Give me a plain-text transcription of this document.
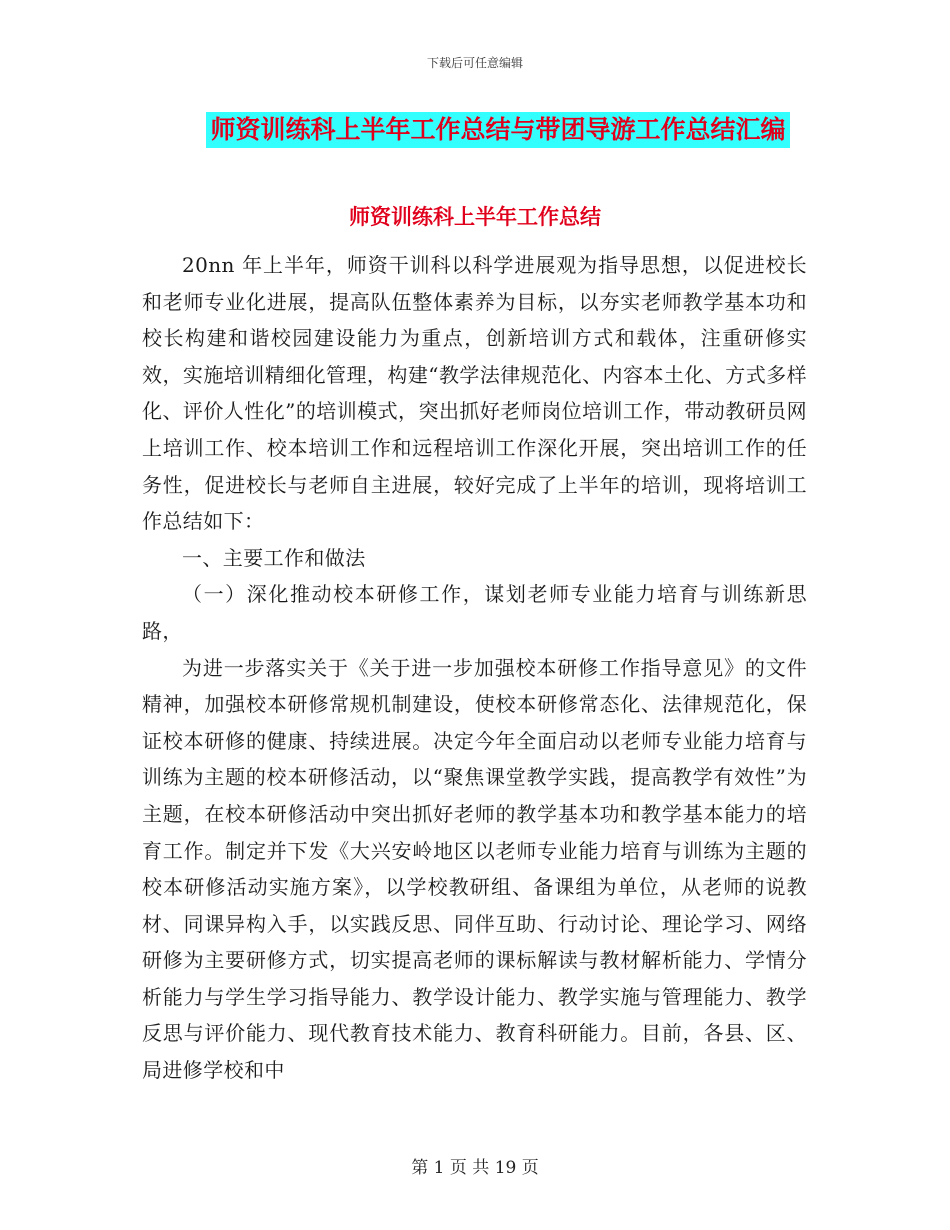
下载后可任意编辑
师资训练科上半年工作总结与带团导游工作总结汇编
师资训练科上半年工作总结

20nn 年上半年，师资干训科以科学进展观为指导思想，以促进校长和老师专业化进展，提高队伍整体素养为目标，以夯实老师教学基本功和校长构建和谐校园建设能力为重点，创新培训方式和载体，注重研修实效，实施培训精细化管理，构建“教学法律规范化、内容本土化、方式多样化、评价人性化”的培训模式，突出抓好老师岗位培训工作，带动教研员网上培训工作、校本培训工作和远程培训工作深化开展，突出培训工作的任务性，促进校长与老师自主进展，较好完成了上半年的培训，现将培训工作总结如下：

一、主要工作和做法

（一）深化推动校本研修工作，谋划老师专业能力培育与训练新思路，

为进一步落实关于《关于进一步加强校本研修工作指导意见》的文件精神，加强校本研修常规机制建设，使校本研修常态化、法律规范化，保证校本研修的健康、持续进展。决定今年全面启动以老师专业能力培育与训练为主题的校本研修活动，以“聚焦课堂教学实践，提高教学有效性”为主题，在校本研修活动中突出抓好老师的教学基本功和教学基本能力的培育工作。制定并下发《大兴安岭地区以老师专业能力培育与训练为主题的校本研修活动实施方案》，以学校教研组、备课组为单位，从老师的说教材、同课异构入手，以实践反思、同伴互助、行动讨论、理论学习、网络研修为主要研修方式，切实提高老师的课标解读与教材解析能力、学情分析能力与学生学习指导能力、教学设计能力、教学实施与管理能力、教学反思与评价能力、现代教育技术能力、教育科研能力。目前，各县、区、局进修学校和中

第 1 页 共 19 页
